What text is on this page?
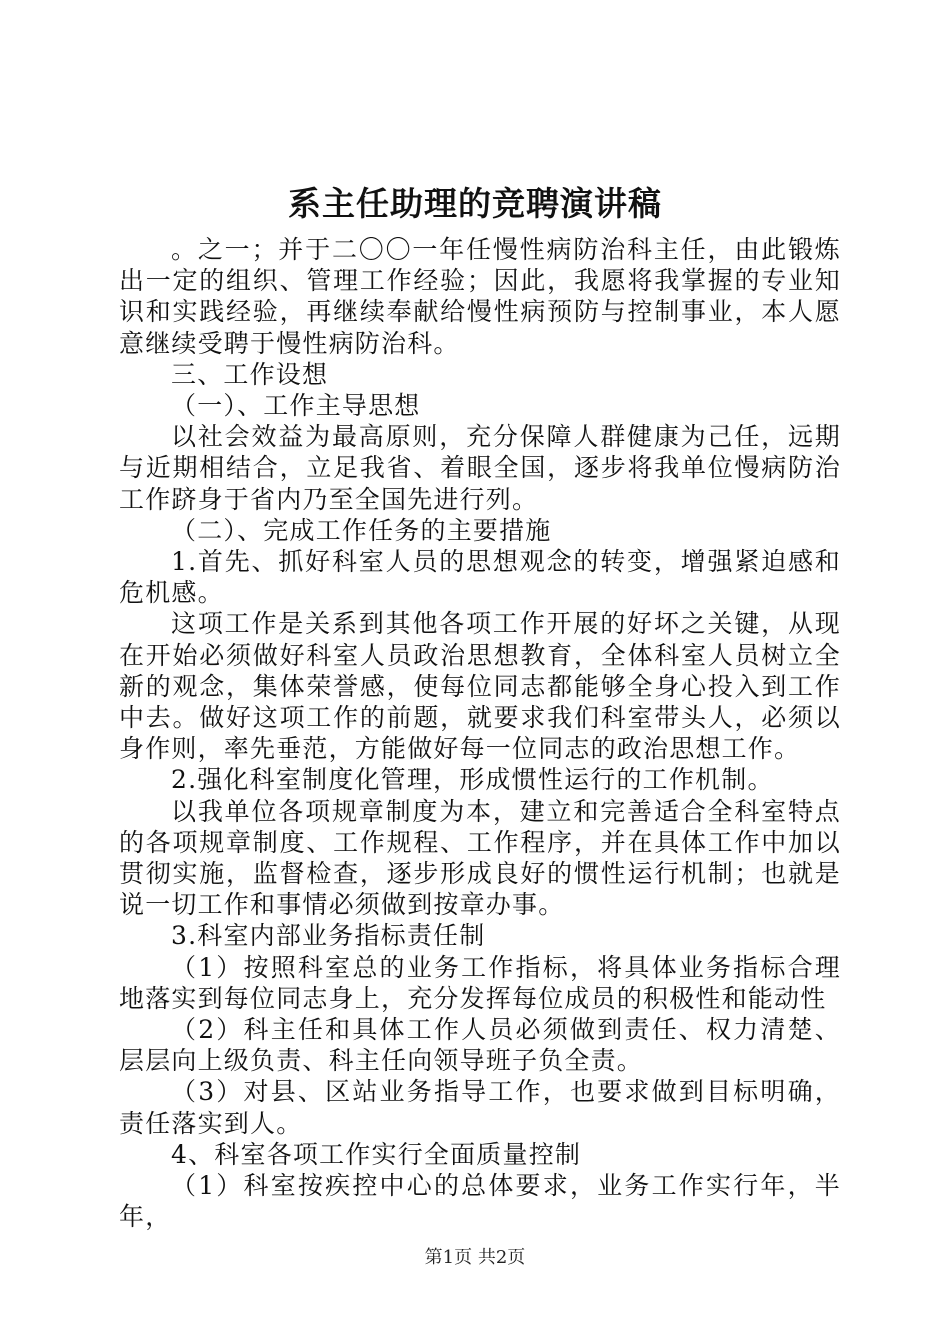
系主任助理的竞聘演讲稿

。之一；并于二〇〇一年任慢性病防治科主任，由此锻炼出一定的组织、管理工作经验；因此，我愿将我掌握的专业知识和实践经验，再继续奉献给慢性病预防与控制事业，本人愿意继续受聘于慢性病防治科。

三、工作设想

（一）、工作主导思想

以社会效益为最高原则，充分保障人群健康为己任，远期与近期相结合，立足我省、着眼全国，逐步将我单位慢病防治工作跻身于省内乃至全国先进行列。

（二）、完成工作任务的主要措施

1.首先、抓好科室人员的思想观念的转变，增强紧迫感和危机感。

这项工作是关系到其他各项工作开展的好坏之关键，从现在开始必须做好科室人员政治思想教育，全体科室人员树立全新的观念，集体荣誉感，使每位同志都能够全身心投入到工作中去。做好这项工作的前题，就要求我们科室带头人，必须以身作则，率先垂范，方能做好每一位同志的政治思想工作。

2.强化科室制度化管理，形成惯性运行的工作机制。

以我单位各项规章制度为本，建立和完善适合全科室特点的各项规章制度、工作规程、工作程序，并在具体工作中加以贯彻实施，监督检查，逐步形成良好的惯性运行机制；也就是说一切工作和事情必须做到按章办事。

3.科室内部业务指标责任制

（1）按照科室总的业务工作指标，将具体业务指标合理地落实到每位同志身上，充分发挥每位成员的积极性和能动性

（2）科主任和具体工作人员必须做到责任、权力清楚、层层向上级负责、科主任向领导班子负全责。

（3）对县、区站业务指导工作，也要求做到目标明确，责任落实到人。

4、科室各项工作实行全面质量控制

（1）科室按疾控中心的总体要求，业务工作实行年，半年，

第1页 共2页
